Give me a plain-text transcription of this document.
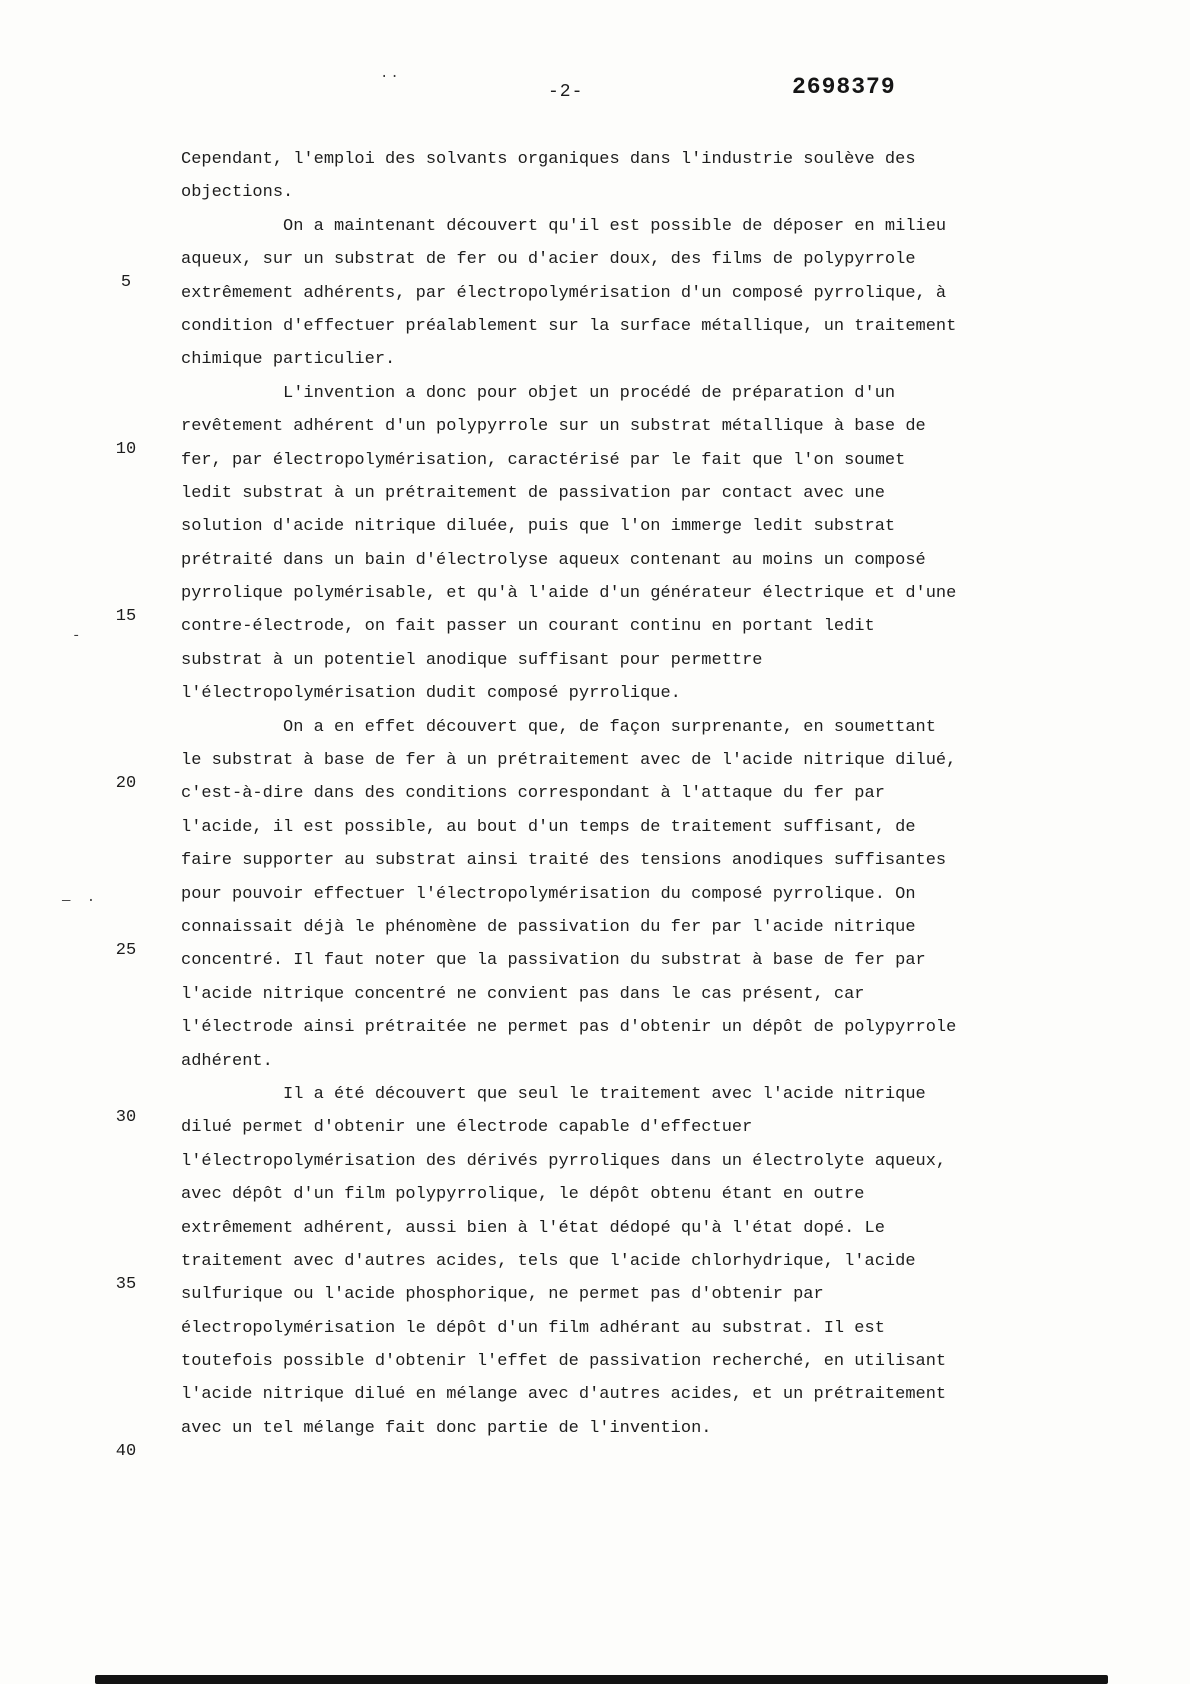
-2-	2698379
..
-
— ·
5
10
15
20
25
30
35
40
Cependant, l'emploi des solvants organiques dans l'industrie soulève des
objections.
On a maintenant découvert qu'il est possible de déposer en milieu
aqueux, sur un substrat de fer ou d'acier doux, des films de polypyrrole
extrêmement adhérents, par électropolymérisation d'un composé pyrrolique, à
condition d'effectuer préalablement sur la surface métallique, un traitement
chimique particulier.
L'invention a donc pour objet un procédé de préparation d'un
revêtement adhérent d'un polypyrrole sur un substrat métallique à base de
fer, par électropolymérisation, caractérisé par le fait que l'on soumet
ledit substrat à un prétraitement de passivation par contact avec une
solution d'acide nitrique diluée, puis que l'on immerge ledit substrat
prétraité dans un bain d'électrolyse aqueux contenant au moins un composé
pyrrolique polymérisable, et qu'à l'aide d'un générateur électrique et d'une
contre-électrode, on fait passer un courant continu en portant ledit
substrat à un potentiel anodique suffisant pour permettre
l'électropolymérisation dudit composé pyrrolique.
On a en effet découvert que, de façon surprenante, en soumettant
le substrat à base de fer à un prétraitement avec de l'acide nitrique dilué,
c'est-à-dire dans des conditions correspondant à l'attaque du fer par
l'acide, il est possible, au bout d'un temps de traitement suffisant, de
faire supporter au substrat ainsi traité des tensions anodiques suffisantes
pour pouvoir effectuer l'électropolymérisation du composé pyrrolique. On
connaissait déjà le phénomène de passivation du fer par l'acide nitrique
concentré. Il faut noter que la passivation du substrat à base de fer par
l'acide nitrique concentré ne convient pas dans le cas présent, car
l'électrode ainsi prétraitée ne permet pas d'obtenir un dépôt de polypyrrole
adhérent.
Il a été découvert que seul le traitement avec l'acide nitrique
dilué permet d'obtenir une électrode capable d'effectuer
l'électropolymérisation des dérivés pyrroliques dans un électrolyte aqueux,
avec dépôt d'un film polypyrrolique, le dépôt obtenu étant en outre
extrêmement adhérent, aussi bien à l'état dédopé qu'à l'état dopé. Le
traitement avec d'autres acides, tels que l'acide chlorhydrique, l'acide
sulfurique ou l'acide phosphorique, ne permet pas d'obtenir par
électropolymérisation le dépôt d'un film adhérant au substrat. Il est
toutefois possible d'obtenir l'effet de passivation recherché, en utilisant
l'acide nitrique dilué en mélange avec d'autres acides, et un prétraitement
avec un tel mélange fait donc partie de l'invention.
